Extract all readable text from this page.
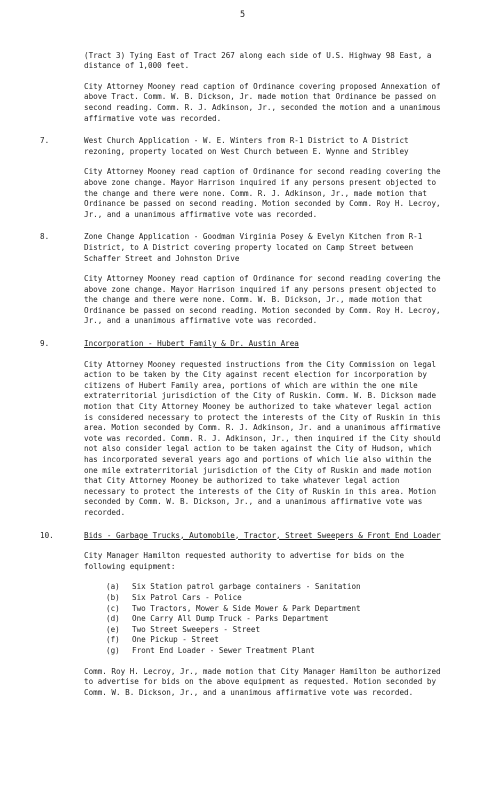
5

(Tract 3) Tying East of Tract 267 along each side of U.S. Highway 98 East, a distance of 1,000 feet.

City Attorney Mooney read caption of Ordinance covering proposed Annexation of above Tract. Comm. W. B. Dickson, Jr. made motion that Ordinance be passed on second reading. Comm. R. J. Adkinson, Jr., seconded the motion and a unanimous affirmative vote was recorded.

7.	West Church Application - W. E. Winters from R-1 District to A District rezoning, property located on West Church between E. Wynne and Stribley

City Attorney Mooney read caption of Ordinance for second reading covering the above zone change. Mayor Harrison inquired if any persons present objected to the change and there were none. Comm. R. J. Adkinson, Jr., made motion that Ordinance be passed on second reading. Motion seconded by Comm. Roy H. Lecroy, Jr., and a unanimous affirmative vote was recorded.

8.	Zone Change Application - Goodman Virginia Posey & Evelyn Kitchen from R-1 District, to A District covering property located on Camp Street between Schaffer Street and Johnston Drive

City Attorney Mooney read caption of Ordinance for second reading covering the above zone change. Mayor Harrison inquired if any persons present objected to the change and there were none. Comm. W. B. Dickson, Jr., made motion that Ordinance be passed on second reading. Motion seconded by Comm. Roy H. Lecroy, Jr., and a unanimous affirmative vote was recorded.

9.	Incorporation - Hubert Family & Dr. Austin Area

City Attorney Mooney requested instructions from the City Commission on legal action to be taken by the City against recent election for incorporation by citizens of Hubert Family area, portions of which are within the one mile extraterritorial jurisdiction of the City of Ruskin. Comm. W. B. Dickson made motion that City Attorney Mooney be authorized to take whatever legal action is considered necessary to protect the interests of the City of Ruskin in this area. Motion seconded by Comm. R. J. Adkinson, Jr. and a unanimous affirmative vote was recorded. Comm. R. J. Adkinson, Jr., then inquired if the City should not also consider legal action to be taken against the City of Hudson, which has incorporated several years ago and portions of which lie also within the one mile extraterritorial jurisdiction of the City of Ruskin and made motion that City Attorney Mooney be authorized to take whatever legal action necessary to protect the interests of the City of Ruskin in this area. Motion seconded by Comm. W. B. Dickson, Jr., and a unanimous affirmative vote was recorded.

10.	Bids - Garbage Trucks, Automobile, Tractor, Street Sweepers & Front End Loader

City Manager Hamilton requested authority to advertise for bids on the following equipment:

(a)	Six Station patrol garbage containers - Sanitation
(b)	Six Patrol Cars - Police
(c)	Two Tractors, Mower & Side Mower & Park Department
(d)	One Carry All Dump Truck - Parks Department
(e)	Two Street Sweepers - Street
(f)	One Pickup - Street
(g)	Front End Loader - Sewer Treatment Plant

Comm. Roy H. Lecroy, Jr., made motion that City Manager Hamilton be authorized to advertise for bids on the above equipment as requested. Motion seconded by Comm. W. B. Dickson, Jr., and a unanimous affirmative vote was recorded.
